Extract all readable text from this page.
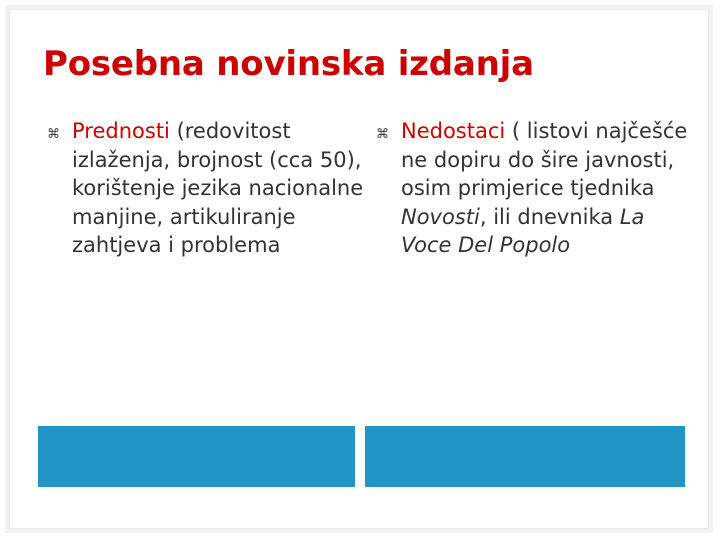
Posebna novinska izdanja
⌘ Prednosti (redovitost izlaženja, brojnost (cca 50), korištenje jezika nacionalne manjine, artikuliranje zahtjeva i problema
⌘ Nedostaci ( listovi najčešće ne dopiru do šire javnosti, osim primjerice tjednika Novosti, ili dnevnika La Voce Del Popolo
